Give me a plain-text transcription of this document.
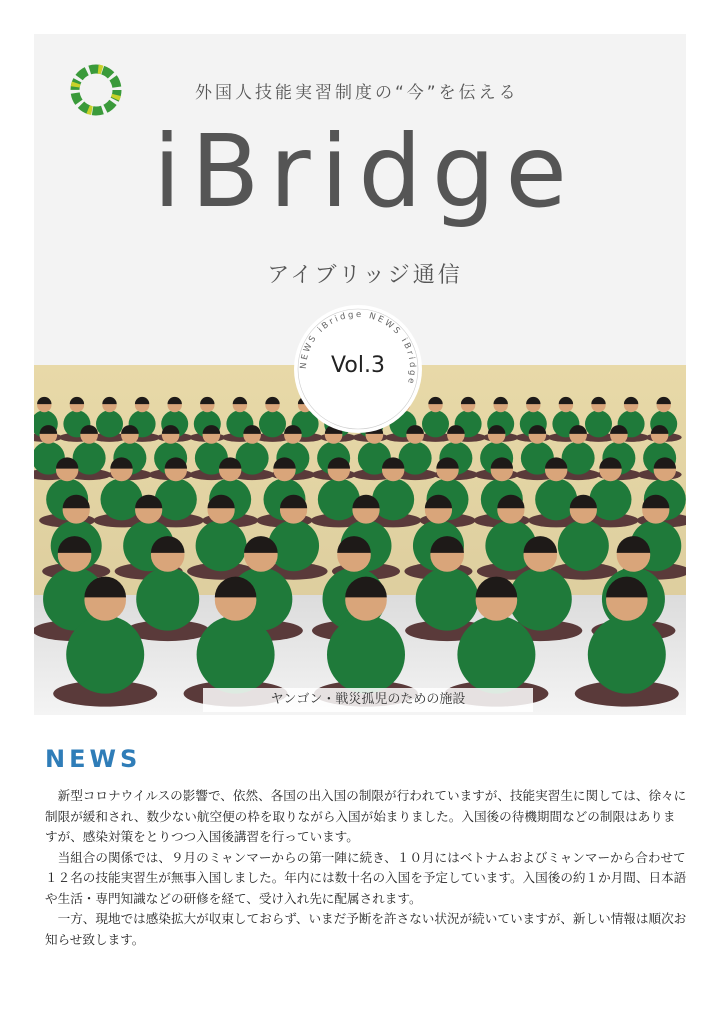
外国人技能実習制度の“今”を伝える
iBridge
アイブリッジ通信
ヤンゴン・戦災孤児のための施設
NEWS iBridge NEWS iBridge
Vol.3
NEWS

新型コロナウイルスの影響で、依然、各国の出入国の制限が行われていますが、技能実習生に関しては、徐々に制限が緩和され、数少ない航空便の枠を取りながら入国が始まりました。入国後の待機期間などの制限はありますが、感染対策をとりつつ入国後講習を行っています。

当組合の関係では、９月のミャンマーからの第一陣に続き、１０月にはベトナムおよびミャンマーから合わせて１２名の技能実習生が無事入国しました。年内には数十名の入国を予定しています。入国後の約１か月間、日本語や生活・専門知識などの研修を経て、受け入れ先に配属されます。

一方、現地では感染拡大が収束しておらず、いまだ予断を許さない状況が続いていますが、新しい情報は順次お知らせ致します。
